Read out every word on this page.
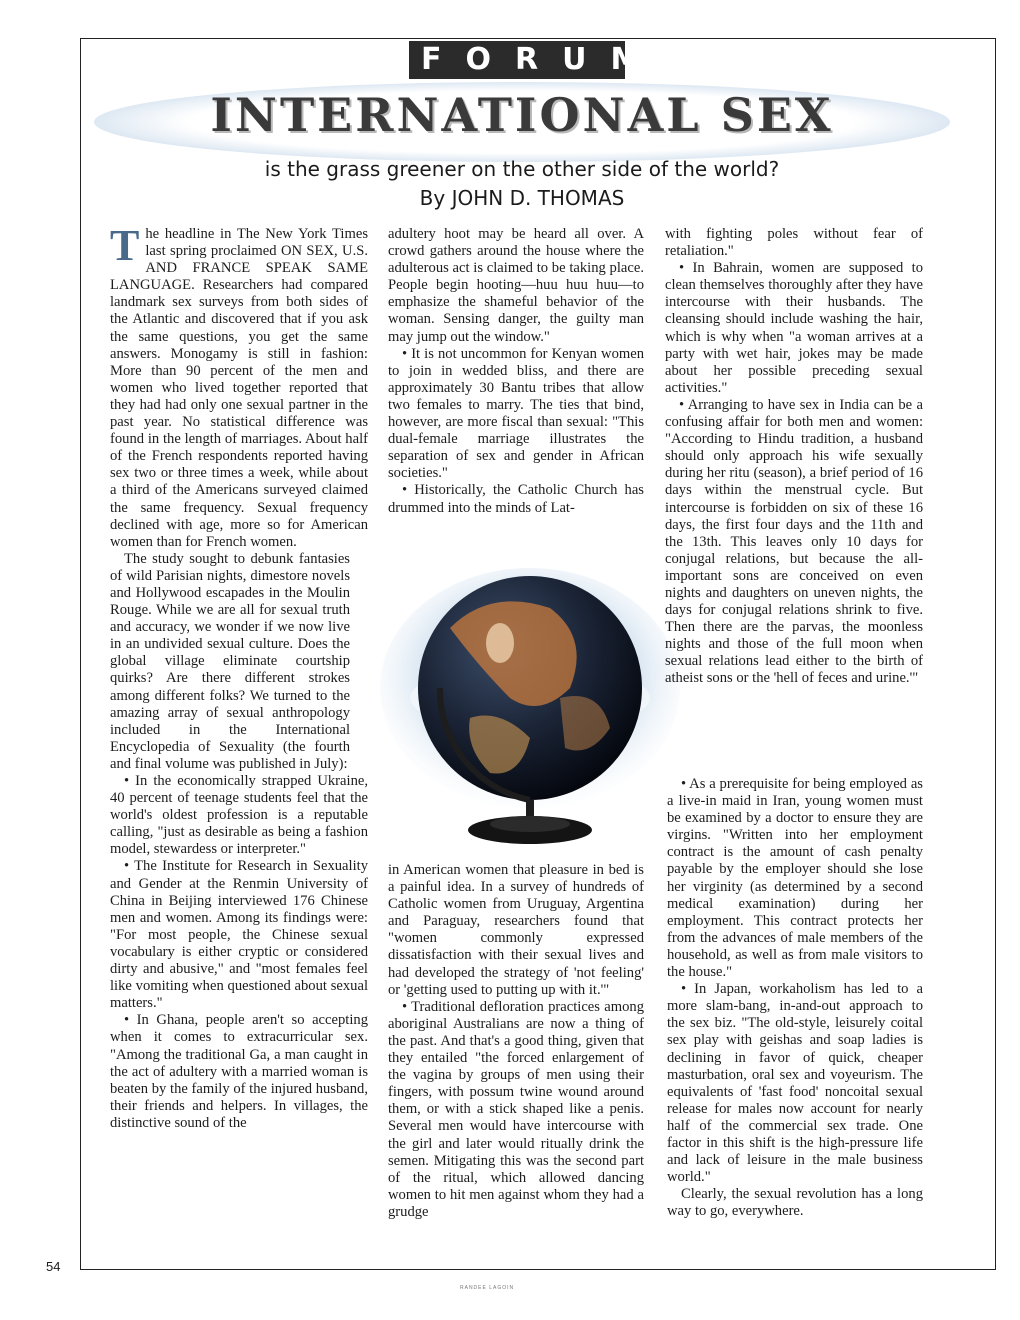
FORUM
INTERNATIONAL SEX
is the grass greener on the other side of the world?
By JOHN D. THOMAS

The headline in The New York Times last spring proclaimed ON SEX, U.S. AND FRANCE SPEAK SAME LANGUAGE. Researchers had compared landmark sex surveys from both sides of the Atlantic and discovered that if you ask the same questions, you get the same answers. Monogamy is still in fashion: More than 90 percent of the men and women who lived together reported that they had had only one sexual partner in the past year. No statistical difference was found in the length of marriages. About half of the French respondents reported having sex two or three times a week, while about a third of the Americans surveyed claimed the same frequency. Sexual frequency declined with age, more so for American women than for French women.

The study sought to debunk fantasies of wild Parisian nights, dimestore novels and Hollywood escapades in the Moulin Rouge. While we are all for sexual truth and accuracy, we wonder if we now live in an undivided sexual culture. Does the global village eliminate courtship quirks? Are there different strokes among different folks? We turned to the amazing array of sexual anthropology included in the International Encyclopedia of Sexuality (the fourth and final volume was published in July):

• In the economically strapped Ukraine, 40 percent of teenage students feel that the world's oldest profession is a reputable calling, "just as desirable as being a fashion model, stewardess or interpreter."

• The Institute for Research in Sexuality and Gender at the Renmin University of China in Beijing interviewed 176 Chinese men and women. Among its findings were: "For most people, the Chinese sexual vocabulary is either cryptic or considered dirty and abusive," and "most females feel like vomiting when questioned about sexual matters."

• In Ghana, people aren't so accepting when it comes to extracurricular sex. "Among the traditional Ga, a man caught in the act of adultery with a married woman is beaten by the family of the injured husband, their friends and helpers. In villages, the distinctive sound of the

adultery hoot may be heard all over. A crowd gathers around the house where the adulterous act is claimed to be taking place. People begin hooting—huu huu huu—to emphasize the shameful behavior of the woman. Sensing danger, the guilty man may jump out the window."

• It is not uncommon for Kenyan women to join in wedded bliss, and there are approximately 30 Bantu tribes that allow two females to marry. The ties that bind, however, are more fiscal than sexual: "This dual-female marriage illustrates the separation of sex and gender in African societies."

• Historically, the Catholic Church has drummed into the minds of Lat-

in American women that pleasure in bed is a painful idea. In a survey of hundreds of Catholic women from Uruguay, Argentina and Paraguay, researchers found that "women commonly expressed dissatisfaction with their sexual lives and had developed the strategy of 'not feeling' or 'getting used to putting up with it.'"

• Traditional defloration practices among aboriginal Australians are now a thing of the past. And that's a good thing, given that they entailed "the forced enlargement of the vagina by groups of men using their fingers, with possum twine wound around them, or with a stick shaped like a penis. Several men would have intercourse with the girl and later would ritually drink the semen. Mitigating this was the second part of the ritual, which allowed dancing women to hit men against whom they had a grudge

with fighting poles without fear of retaliation."

• In Bahrain, women are supposed to clean themselves thoroughly after they have intercourse with their husbands. The cleansing should include washing the hair, which is why when "a woman arrives at a party with wet hair, jokes may be made about her possible preceding sexual activities."

• Arranging to have sex in India can be a confusing affair for both men and women: "According to Hindu tradition, a husband should only approach his wife sexually during her ritu (season), a brief period of 16 days within the menstrual cycle. But intercourse is forbidden on six of these 16 days, the first four days and the 11th and the 13th. This leaves only 10 days for conjugal relations, but because the all-important sons are conceived on even nights and daughters on uneven nights, the days for conjugal relations shrink to five. Then there are the parvas, the moonless nights and those of the full moon when sexual relations lead either to the birth of atheist sons or the 'hell of feces and urine.'"

• As a prerequisite for being employed as a live-in maid in Iran, young women must be examined by a doctor to ensure they are virgins. "Written into her employment contract is the amount of cash penalty payable by the employer should she lose her virginity (as determined by a second medical examination) during her employment. This contract protects her from the advances of male members of the household, as well as from male visitors to the house."

• In Japan, workaholism has led to a more slam-bang, in-and-out approach to the sex biz. "The old-style, leisurely coital sex play with geishas and soap ladies is declining in favor of quick, cheaper masturbation, oral sex and voyeurism. The equivalents of 'fast food' noncoital sexual release for males now account for nearly half of the commercial sex trade. One factor in this shift is the high-pressure life and lack of leisure in the male business world."

Clearly, the sexual revolution has a long way to go, everywhere.

54
RANDEE LAGOIN
